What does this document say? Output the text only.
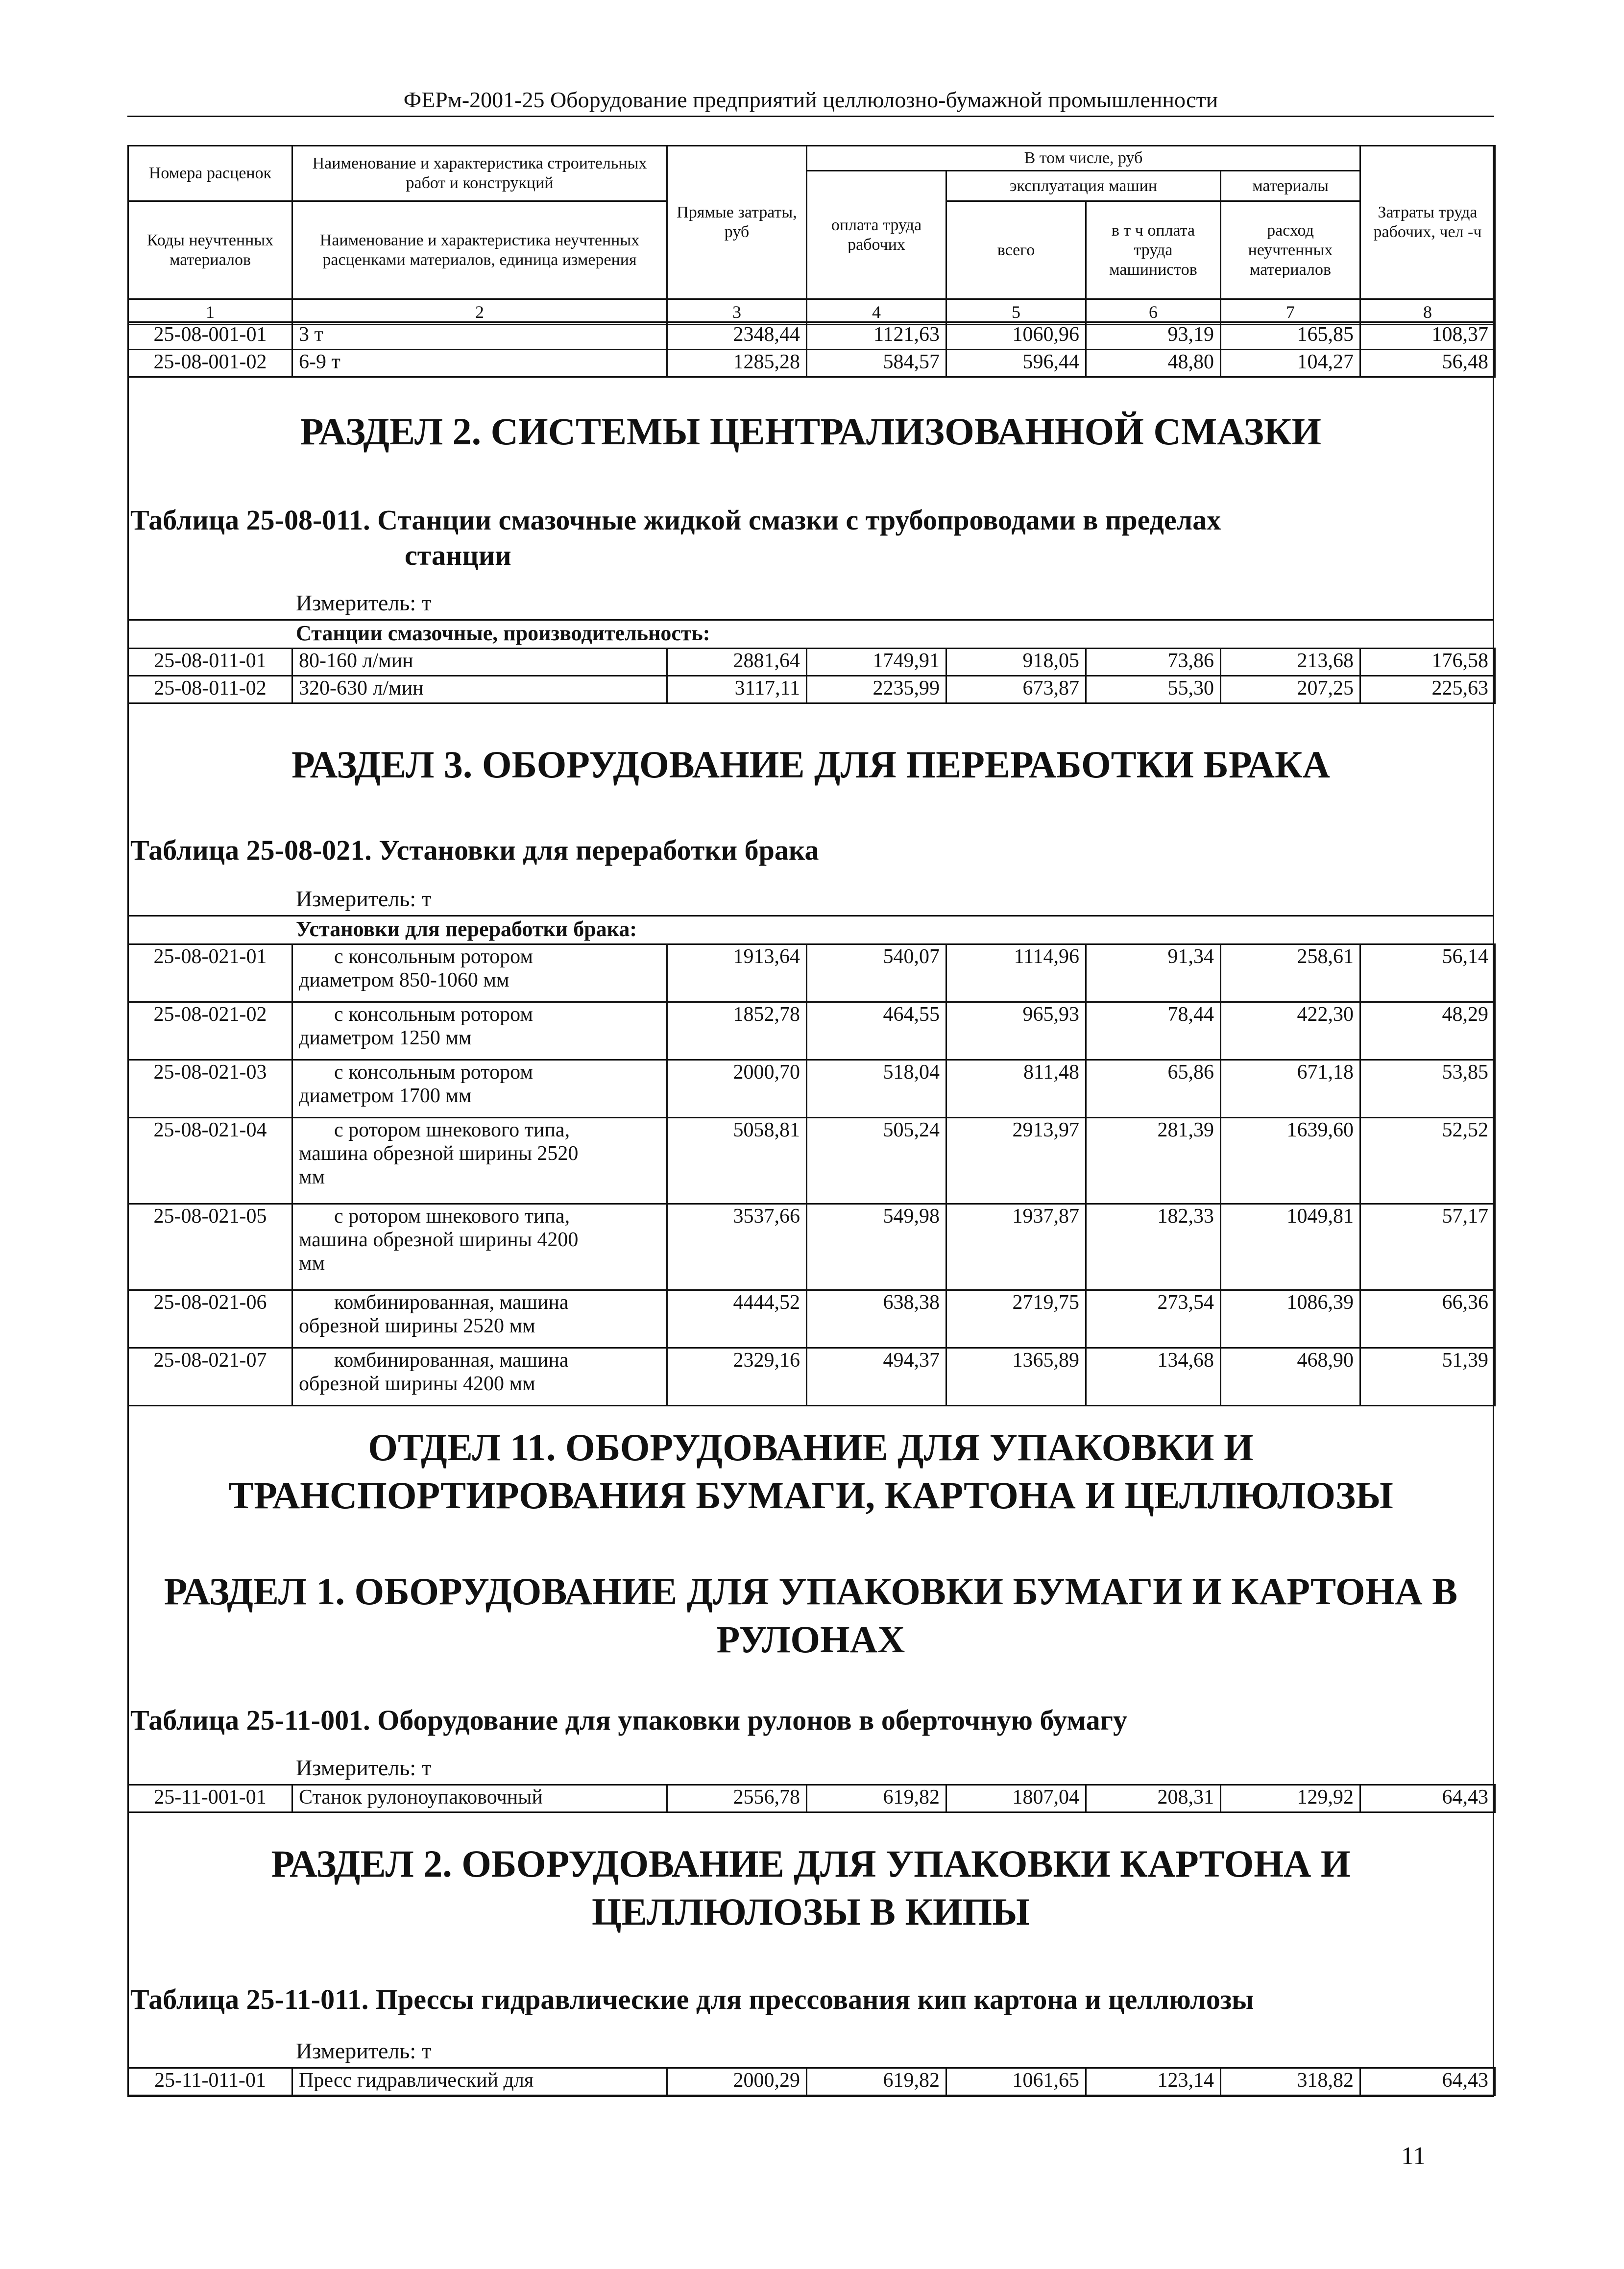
ФЕРм-2001-25 Оборудование предприятий целлюлозно-бумажной промышленности
Номера расценок	Наименование и характеристика строительных работ и конструкций	Прямые затраты, руб	В том числе, руб				Затраты труда рабочих, чел -ч
			оплата труда рабочих	эксплуатация машин		материалы	
Коды неучтенных материалов	Наименование и характеристика неучтенных расценками материалов, единица измерения			всего	в т ч оплата труда машинистов	расход неучтенных материалов	

1	2	3	4	5	6	7	8
25-08-001-01	3 т	2348,44	1121,63	1060,96	93,19	165,85	108,37
25-08-001-02	6-9 т	1285,28	584,57	596,44	48,80	104,27	56,48
РАЗДЕЛ 2. СИСТЕМЫ ЦЕНТРАЛИЗОВАННОЙ СМАЗКИ
Таблица 25-08-011. Станции смазочные жидкой смазки с трубопроводами в пределах
станции
Измеритель: т
Станции смазочные, производительность:
25-08-011-01	80-160 л/мин	2881,64	1749,91	918,05	73,86	213,68	176,58
25-08-011-02	320-630 л/мин	3117,11	2235,99	673,87	55,30	207,25	225,63
РАЗДЕЛ 3. ОБОРУДОВАНИЕ ДЛЯ ПЕРЕРАБОТКИ БРАКА
Таблица 25-08-021. Установки для переработки брака
Измеритель: т
Установки для переработки брака:
25-08-021-01	с консольным ротором
диаметром 850-1060 мм	1913,64	540,07	1114,96	91,34	258,61	56,14
25-08-021-02	с консольным ротором
диаметром 1250 мм	1852,78	464,55	965,93	78,44	422,30	48,29
25-08-021-03	с консольным ротором
диаметром 1700 мм	2000,70	518,04	811,48	65,86	671,18	53,85
25-08-021-04	с ротором шнекового типа,
машина обрезной ширины 2520
мм	5058,81	505,24	2913,97	281,39	1639,60	52,52
25-08-021-05	с ротором шнекового типа,
машина обрезной ширины 4200
мм	3537,66	549,98	1937,87	182,33	1049,81	57,17
25-08-021-06	комбинированная, машина
обрезной ширины 2520 мм	4444,52	638,38	2719,75	273,54	1086,39	66,36
25-08-021-07	комбинированная, машина
обрезной ширины 4200 мм	2329,16	494,37	1365,89	134,68	468,90	51,39
ОТДЕЛ 11. ОБОРУДОВАНИЕ ДЛЯ УПАКОВКИ И
ТРАНСПОРТИРОВАНИЯ БУМАГИ, КАРТОНА И ЦЕЛЛЮЛОЗЫ
РАЗДЕЛ 1. ОБОРУДОВАНИЕ ДЛЯ УПАКОВКИ БУМАГИ И КАРТОНА В
РУЛОНАХ
Таблица 25-11-001. Оборудование для упаковки рулонов в оберточную бумагу
Измеритель: т
25-11-001-01	Станок рулоноупаковочный	2556,78	619,82	1807,04	208,31	129,92	64,43
РАЗДЕЛ 2. ОБОРУДОВАНИЕ ДЛЯ УПАКОВКИ КАРТОНА И
ЦЕЛЛЮЛОЗЫ В КИПЫ
Таблица 25-11-011. Прессы гидравлические для прессования кип картона и целлюлозы
Измеритель: т
25-11-011-01	Пресс гидравлический для	2000,29	619,82	1061,65	123,14	318,82	64,43
11
